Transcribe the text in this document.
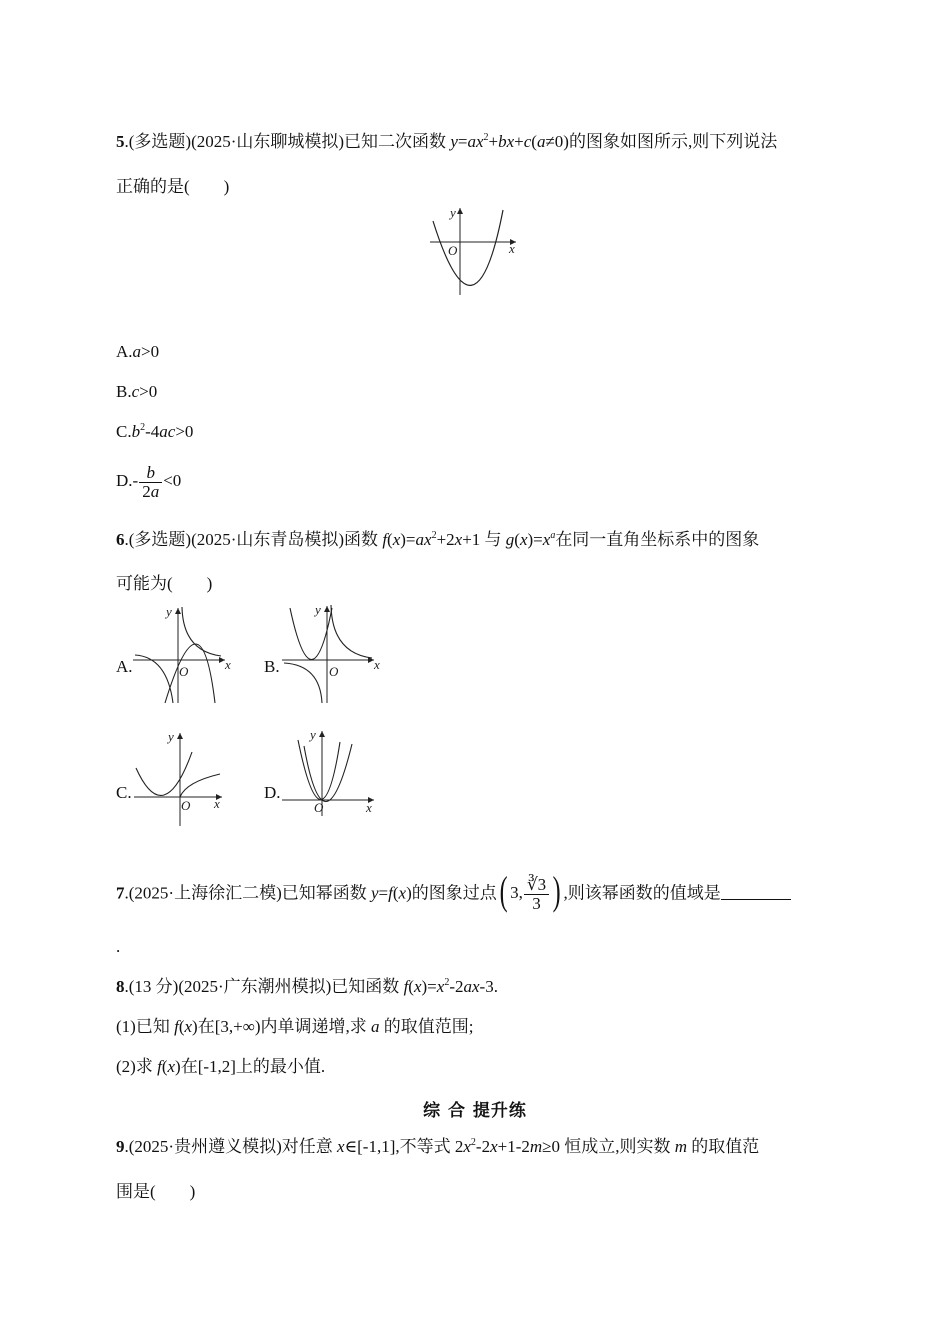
5.(多选题)(2025·山东聊城模拟)已知二次函数 $y=ax^2+bx+c(a\ne 0)$的图象如图所示,则下列说法
正确的是( )
x
y
O
A.a>0
B.c>0
$C.b^2-4ac>0$
$D.- \frac{b}{2a} <0$
6.(多选题)(2025·山东青岛模拟)函数 $f(x)=ax^2+2x+1$ 与 $g(x)=x^a$在同一直角坐标系中的图象
可能为( )
A.	x
y
O	B.	x
y
O
C.
x
y
O
D.
x
y
O
7.(2025·上海徐汇二模)已知幂函数 y=f(x)的图象过点( 3, $\frac{∛3}{3}$ ) ,则该幂函数的值域是
.
8.(13 分)(2025·广东潮州模拟)已知函数 $f(x)=x^2-2ax-3$.
(1)已知 f(x)在[3,+∞)内单调递增,求 a 的取值范围;
(2)求 f(x)在[-1,2]上的最小值.
综 合 提升练
9.(2025·贵州遵义模拟)对任意 x∈[-1,1],不等式 $2x^2-2x+1-2m\ge 0$ 恒成立,则实数 m 的取值范
围是( )
